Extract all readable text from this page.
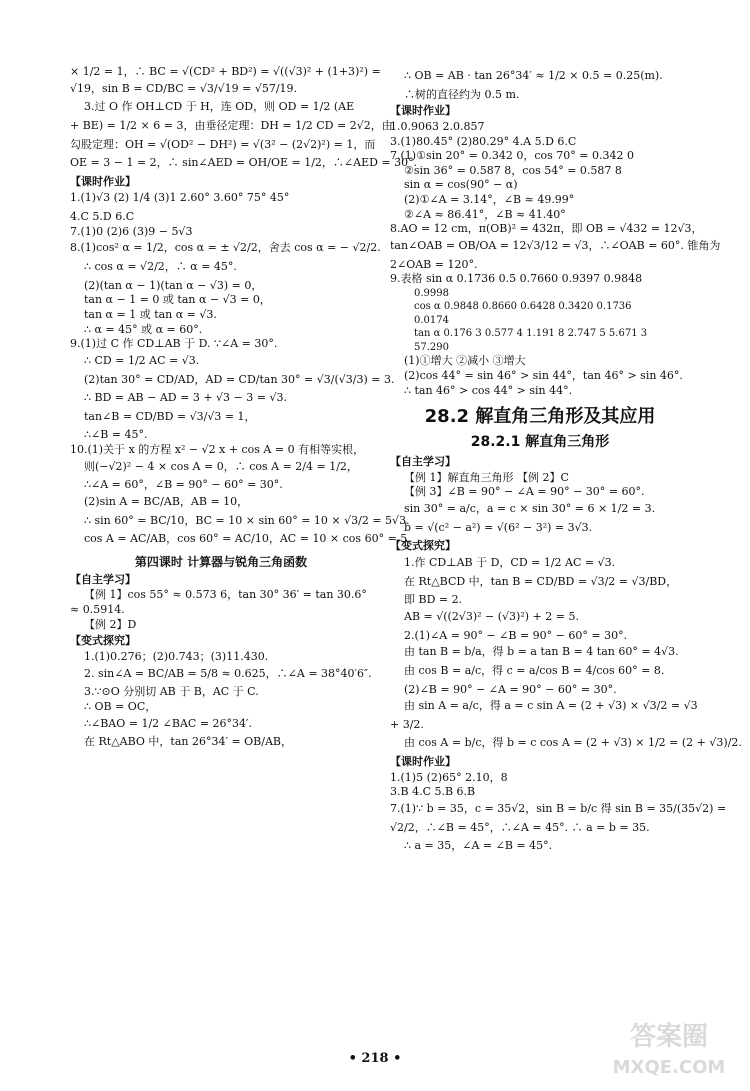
× 1/2 = 1，∴ BC = √(CD² + BD²) = √((√3)² + (1+3)²) =
√19，sin B = CD/BC = √3/√19 = √57/19.
3.过 O 作 OH⊥CD 于 H，连 OD，则 OD = 1/2 (AE
+ BE) = 1/2 × 6 = 3，由垂径定理：DH = 1/2 CD = 2√2，由
勾股定理：OH = √(OD² − DH²) = √(3² − (2√2)²) = 1，而
OE = 3 − 1 = 2，∴ sin∠AED = OH/OE = 1/2，∴∠AED = 30°.
【课时作业】
1.(1)√3 (2) 1/4 (3)1 2.60° 3.60° 75° 45°
4.C 5.D 6.C
7.(1)0 (2)6 (3)9 − 5√3
8.(1)cos² α = 1/2，cos α = ± √2/2，舍去 cos α = − √2/2.
∴ cos α = √2/2，∴ α = 45°.
(2)(tan α − 1)(tan α − √3) = 0，
tan α − 1 = 0 或 tan α − √3 = 0，
tan α = 1 或 tan α = √3.
∴ α = 45° 或 α = 60°.
9.(1)过 C 作 CD⊥AB 于 D. ∵∠A = 30°.
∴ CD = 1/2 AC = √3.
(2)tan 30° = CD/AD，AD = CD/tan 30° = √3/(√3/3) = 3.
∴ BD = AB − AD = 3 + √3 − 3 = √3.
tan∠B = CD/BD = √3/√3 = 1，
∴∠B = 45°.
10.(1)关于 x 的方程 x² − √2 x + cos A = 0 有相等实根，
则(−√2)² − 4 × cos A = 0，∴ cos A = 2/4 = 1/2，
∴∠A = 60°，∠B = 90° − 60° = 30°.
(2)sin A = BC/AB，AB = 10，
∴ sin 60° = BC/10，BC = 10 × sin 60° = 10 × √3/2 = 5√3.
cos A = AC/AB，cos 60° = AC/10，AC = 10 × cos 60° = 5.
第四课时 计算器与锐角三角函数
【自主学习】
【例 1】cos 55° ≈ 0.573 6，tan 30° 36′ = tan 30.6°
≈ 0.5914.
【例 2】D
【变式探究】
1.(1)0.276；(2)0.743；(3)11.430.
2. sin∠A = BC/AB = 5/8 ≈ 0.625，∴∠A = 38°40′6″.
3.∵⊙O 分别切 AB 于 B，AC 于 C.
∴ OB = OC，
∴∠BAO = 1/2 ∠BAC = 26°34′.
在 Rt△ABO 中，tan 26°34′ = OB/AB，
∴ OB = AB · tan 26°34′ ≈ 1/2 × 0.5 = 0.25(m).
∴树的直径约为 0.5 m.
【课时作业】
1.0.9063 2.0.857
3.(1)80.45° (2)80.29° 4.A 5.D 6.C
7.(1)①sin 20° = 0.342 0，cos 70° = 0.342 0
②sin 36° = 0.587 8，cos 54° = 0.587 8
sin α = cos(90° − α)
(2)①∠A = 3.14°，∠B ≈ 49.99°
②∠A ≈ 86.41°，∠B ≈ 41.40°
8.AO = 12 cm，π(OB)² = 432π，即 OB = √432 = 12√3，
tan∠OAB = OB/OA = 12√3/12 = √3，∴∠OAB = 60°. 锥角为
2∠OAB = 120°.
9.表格 sin α 0.1736 0.5 0.7660 0.9397 0.9848
0.9998
cos α 0.9848 0.8660 0.6428 0.3420 0.1736
0.0174
tan α 0.176 3 0.577 4 1.191 8 2.747 5 5.671 3
57.290
(1)①增大 ②减小 ③增大
(2)cos 44° = sin 46° > sin 44°，tan 46° > sin 46°.
∴ tan 46° > cos 44° > sin 44°.
28.2 解直角三角形及其应用
28.2.1 解直角三角形
【自主学习】
【例 1】解直角三角形 【例 2】C
【例 3】∠B = 90° − ∠A = 90° − 30° = 60°.
sin 30° = a/c，a = c × sin 30° = 6 × 1/2 = 3.
b = √(c² − a²) = √(6² − 3²) = 3√3.
【变式探究】
1.作 CD⊥AB 于 D，CD = 1/2 AC = √3.
在 Rt△BCD 中，tan B = CD/BD = √3/2 = √3/BD，
即 BD = 2.
AB = √((2√3)² − (√3)²) + 2 = 5.
2.(1)∠A = 90° − ∠B = 90° − 60° = 30°.
由 tan B = b/a，得 b = a tan B = 4 tan 60° = 4√3.
由 cos B = a/c，得 c = a/cos B = 4/cos 60° = 8.
(2)∠B = 90° − ∠A = 90° − 60° = 30°.
由 sin A = a/c，得 a = c sin A = (2 + √3) × √3/2 = √3
+ 3/2.
由 cos A = b/c，得 b = c cos A = (2 + √3) × 1/2 = (2 + √3)/2.
【课时作业】
1.(1)5 (2)65° 2.10，8
3.B 4.C 5.B 6.B
7.(1)∵ b = 35，c = 35√2，sin B = b/c 得 sin B = 35/(35√2) =
√2/2，∴∠B = 45°，∴∠A = 45°. ∴ a = b = 35.
∴ a = 35，∠A = ∠B = 45°.
• 218 •
答案圈
MXQE.COM
